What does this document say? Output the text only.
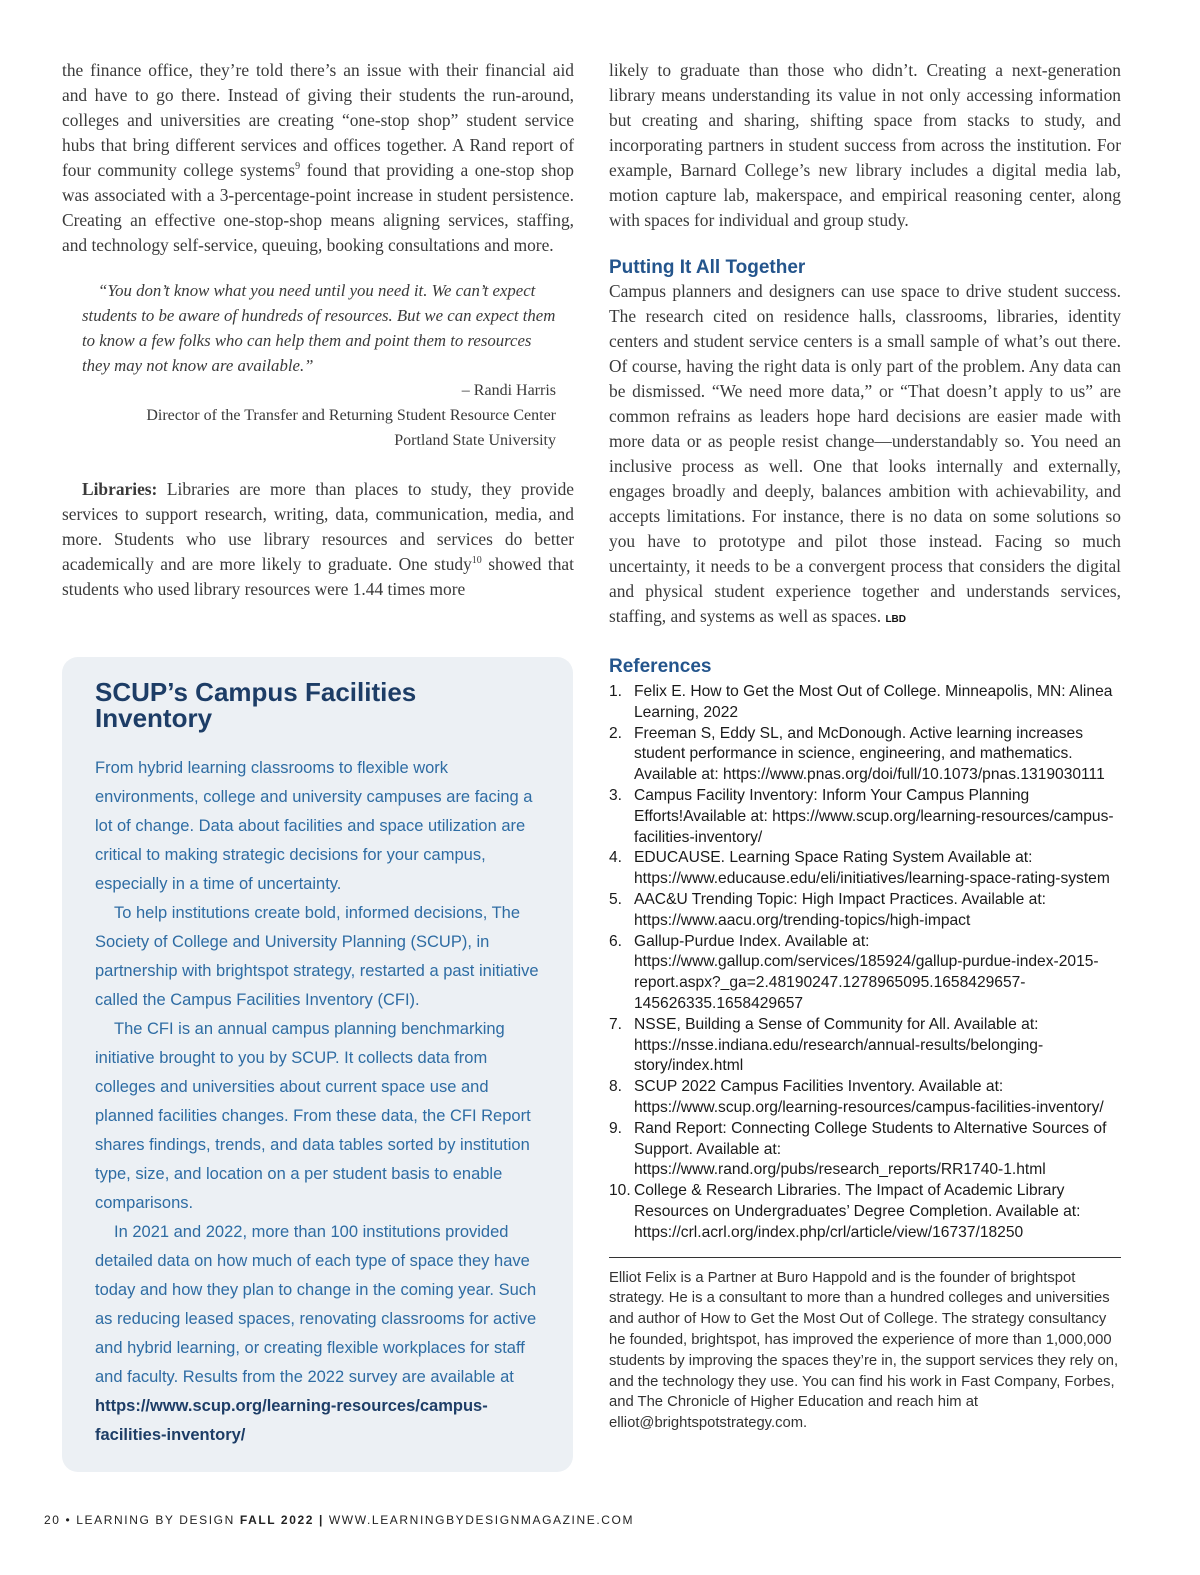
the finance office, they’re told there’s an issue with their financial aid and have to go there. Instead of giving their students the run-around, colleges and universities are creating “one-stop shop” student service hubs that bring different services and offices together. A Rand report of four community college systems$^9$ found that providing a one-stop shop was associated with a 3-percentage-point increase in student persistence. Creating an effective one-stop-shop means aligning services, staffing, and technology self-service, queuing, booking consultations and more.

“You don’t know what you need until you need it. We can’t expect students to be aware of hundreds of resources. But we can expect them to know a few folks who can help them and point them to resources they may not know are available.”
– Randi Harris
Director of the Transfer and Returning Student Resource Center
Portland State University

Libraries: Libraries are more than places to study, they provide services to support research, writing, data, communication, media, and more. Students who use library resources and services do better academically and are more likely to graduate. One study$^{10}$ showed that students who used library resources were 1.44 times more

SCUP’s Campus Facilities Inventory

From hybrid learning classrooms to flexible work environments, college and university campuses are facing a lot of change. Data about facilities and space utilization are critical to making strategic decisions for your campus, especially in a time of uncertainty.

To help institutions create bold, informed decisions, The Society of College and University Planning (SCUP), in partnership with brightspot strategy, restarted a past initiative called the Campus Facilities Inventory (CFI).

The CFI is an annual campus planning benchmarking initiative brought to you by SCUP. It collects data from colleges and universities about current space use and planned facilities changes. From these data, the CFI Report shares findings, trends, and data tables sorted by institution type, size, and location on a per student basis to enable comparisons.

In 2021 and 2022, more than 100 institutions provided detailed data on how much of each type of space they have today and how they plan to change in the coming year. Such as reducing leased spaces, renovating classrooms for active and hybrid learning, or creating flexible workplaces for staff and faculty. Results from the 2022 survey are available at https://www.scup.org/learning-resources/campus-facilities-inventory/

likely to graduate than those who didn’t. Creating a next-generation library means understanding its value in not only accessing information but creating and sharing, shifting space from stacks to study, and incorporating partners in student success from across the institution. For example, Barnard College’s new library includes a digital media lab, motion capture lab, makerspace, and empirical reasoning center, along with spaces for individual and group study.

Putting It All Together

Campus planners and designers can use space to drive student success. The research cited on residence halls, classrooms, libraries, identity centers and student service centers is a small sample of what’s out there. Of course, having the right data is only part of the problem. Any data can be dismissed. “We need more data,” or “That doesn’t apply to us” are common refrains as leaders hope hard decisions are easier made with more data or as people resist change—understandably so. You need an inclusive process as well. One that looks internally and externally, engages broadly and deeply, balances ambition with achievability, and accepts limitations. For instance, there is no data on some solutions so you have to prototype and pilot those instead. Facing so much uncertainty, it needs to be a convergent process that considers the digital and physical student experience together and understands services, staffing, and systems as well as spaces. LBD

References
1. Felix E. How to Get the Most Out of College. Minneapolis, MN: Alinea Learning, 2022
2. Freeman S, Eddy SL, and McDonough. Active learning increases student performance in science, engineering, and mathematics. Available at: https://www.pnas.org/doi/full/10.1073/pnas.1319030111
3. Campus Facility Inventory: Inform Your Campus Planning Efforts!Available at: https://www.scup.org/learning-resources/campus-facilities-inventory/
4. EDUCAUSE. Learning Space Rating System Available at: https://www.educause.edu/eli/initiatives/learning-space-rating-system
5. AAC&U Trending Topic: High Impact Practices. Available at: https://www.aacu.org/trending-topics/high-impact
6. Gallup-Purdue Index. Available at: https://www.gallup.com/services/185924/gallup-purdue-index-2015-report.aspx?_ga=2.48190247.1278965095.1658429657-145626335.1658429657
7. NSSE, Building a Sense of Community for All. Available at: https://nsse.indiana.edu/research/annual-results/belonging-story/index.html
8. SCUP 2022 Campus Facilities Inventory. Available at: https://www.scup.org/learning-resources/campus-facilities-inventory/
9. Rand Report: Connecting College Students to Alternative Sources of Support. Available at: https://www.rand.org/pubs/research_reports/RR1740-1.html
10. College & Research Libraries. The Impact of Academic Library Resources on Undergraduates’ Degree Completion. Available at: https://crl.acrl.org/index.php/crl/article/view/16737/18250

Elliot Felix is a Partner at Buro Happold and is the founder of brightspot strategy. He is a consultant to more than a hundred colleges and universities and author of How to Get the Most Out of College. The strategy consultancy he founded, brightspot, has improved the experience of more than 1,000,000 students by improving the spaces they’re in, the support services they rely on, and the technology they use. You can find his work in Fast Company, Forbes, and The Chronicle of Higher Education and reach him at elliot@brightspotstrategy.com.

20 • LEARNING BY DESIGN FALL 2022 | WWW.LEARNINGBYDESIGNMAGAZINE.COM
